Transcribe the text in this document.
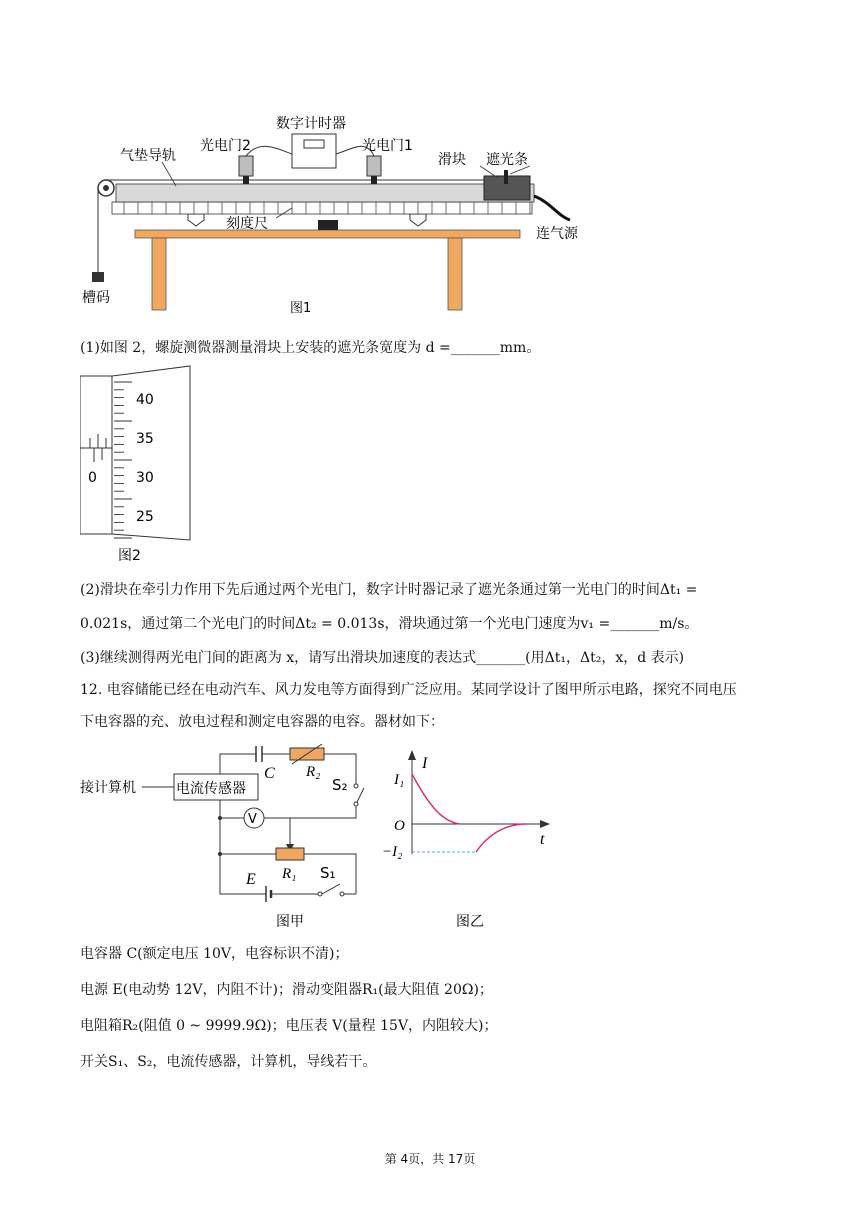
数字计时器
光电门2	光电门1
气垫导轨	滑块 遮光条
刻度尺
连气源
槽码
图1
(1)如图 2，螺旋测微器测量滑块上安装的遮光条宽度为 d =_______mm。
0
40
35
30
25
图2
(2)滑块在牵引力作用下先后通过两个光电门，数字计时器记录了遮光条通过第一光电门的时间Δt₁ =
0.021s，通过第二个光电门的时间Δt₂ = 0.013s，滑块通过第一个光电门速度为v₁ =_______m/s。
(3)继续测得两光电门间的距离为 x，请写出滑块加速度的表达式_______(用Δt₁，Δt₂，x，d 表示)
12. 电容储能已经在电动汽车、风力发电等方面得到广泛应用。某同学设计了图甲所示电路，探究不同电压
下电容器的充、放电过程和测定电容器的电容。器材如下：
接计算机	电流传感器
C R₂
S₂
V
R₁
E	S₁
图甲
I
I₁
O
−I₂
t
图乙
电容器 C(额定电压 10V，电容标识不清)；
电源 E(电动势 12V，内阻不计)；滑动变阻器R₁(最大阻值 20Ω)；
电阻箱R₂(阻值 0 ~ 9999.9Ω)；电压表 V(量程 15V，内阻较大)；
开关S₁、S₂，电流传感器，计算机，导线若干。
第 4页，共 17页
